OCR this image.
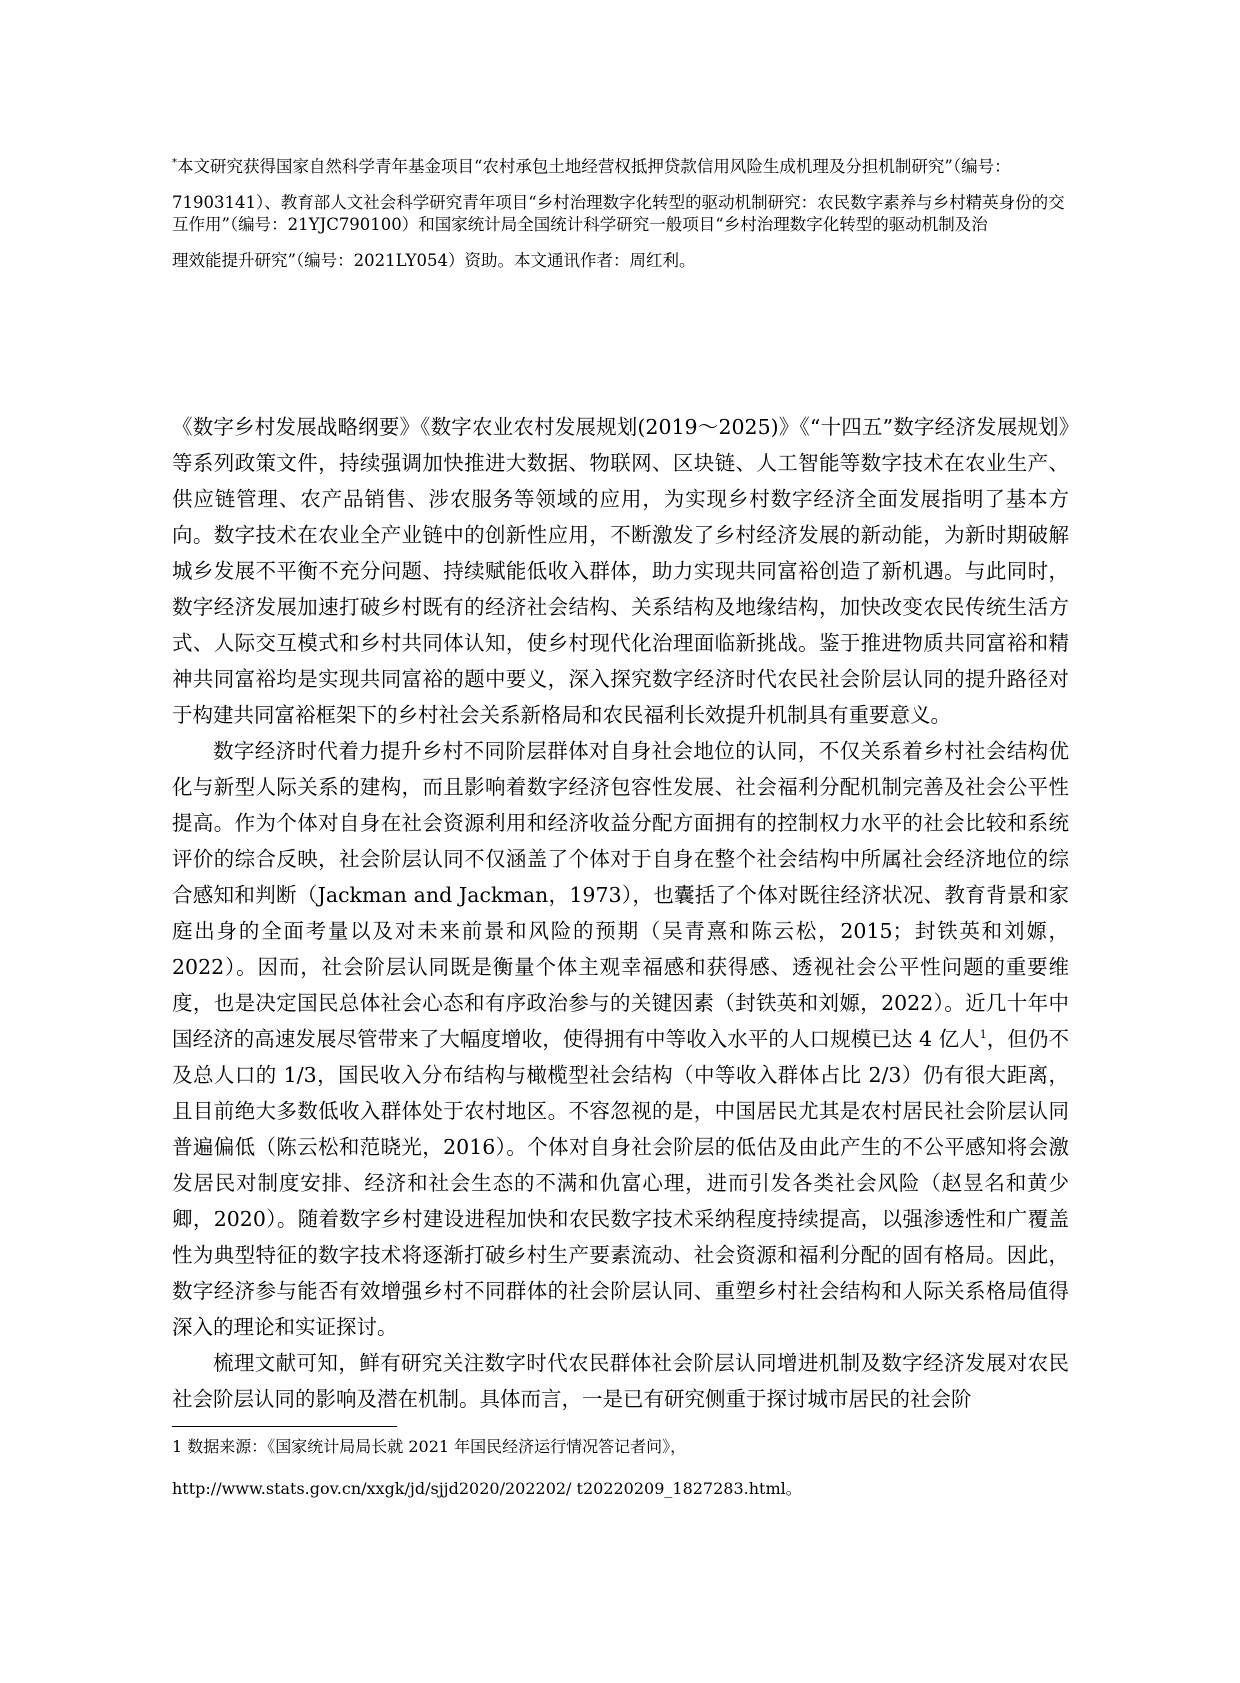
*本文研究获得国家自然科学青年基金项目“农村承包土地经营权抵押贷款信用风险生成机理及分担机制研究”（编号：

71903141）、教育部人文社会科学研究青年项目“乡村治理数字化转型的驱动机制研究：农民数字素养与乡村精英身份的交互作用”（编号：21YJC790100）和国家统计局全国统计科学研究一般项目“乡村治理数字化转型的驱动机制及治

理效能提升研究”（编号：2021LY054）资助。本文通讯作者：周红利。

《数字乡村发展战略纲要》《数字农业农村发展规划(2019～2025)》《“十四五”数字经济发展规划》等系列政策文件，持续强调加快推进大数据、物联网、区块链、人工智能等数字技术在农业生产、供应链管理、农产品销售、涉农服务等领域的应用，为实现乡村数字经济全面发展指明了基本方向。数字技术在农业全产业链中的创新性应用，不断激发了乡村经济发展的新动能，为新时期破解城乡发展不平衡不充分问题、持续赋能低收入群体，助力实现共同富裕创造了新机遇。与此同时，数字经济发展加速打破乡村既有的经济社会结构、关系结构及地缘结构，加快改变农民传统生活方式、人际交互模式和乡村共同体认知，使乡村现代化治理面临新挑战。鉴于推进物质共同富裕和精神共同富裕均是实现共同富裕的题中要义，深入探究数字经济时代农民社会阶层认同的提升路径对于构建共同富裕框架下的乡村社会关系新格局和农民福利长效提升机制具有重要意义。

数字经济时代着力提升乡村不同阶层群体对自身社会地位的认同，不仅关系着乡村社会结构优化与新型人际关系的建构，而且影响着数字经济包容性发展、社会福利分配机制完善及社会公平性提高。作为个体对自身在社会资源利用和经济收益分配方面拥有的控制权力水平的社会比较和系统评价的综合反映，社会阶层认同不仅涵盖了个体对于自身在整个社会结构中所属社会经济地位的综合感知和判断（Jackman and Jackman，1973），也囊括了个体对既往经济状况、教育背景和家庭出身的全面考量以及对未来前景和风险的预期（吴青熹和陈云松，2015；封铁英和刘嫄，2022）。因而，社会阶层认同既是衡量个体主观幸福感和获得感、透视社会公平性问题的重要维度，也是决定国民总体社会心态和有序政治参与的关键因素（封铁英和刘嫄，2022）。近几十年中国经济的高速发展尽管带来了大幅度增收，使得拥有中等收入水平的人口规模已达 4 亿人$^1$，但仍不及总人口的 1/3，国民收入分布结构与橄榄型社会结构（中等收入群体占比 2/3）仍有很大距离，且目前绝大多数低收入群体处于农村地区。不容忽视的是，中国居民尤其是农村居民社会阶层认同普遍偏低（陈云松和范晓光，2016）。个体对自身社会阶层的低估及由此产生的不公平感知将会激发居民对制度安排、经济和社会生态的不满和仇富心理，进而引发各类社会风险（赵昱名和黄少卿，2020）。随着数字乡村建设进程加快和农民数字技术采纳程度持续提高，以强渗透性和广覆盖性为典型特征的数字技术将逐渐打破乡村生产要素流动、社会资源和福利分配的固有格局。因此，数字经济参与能否有效增强乡村不同群体的社会阶层认同、重塑乡村社会结构和人际关系格局值得深入的理论和实证探讨。

梳理文献可知，鲜有研究关注数字时代农民群体社会阶层认同增进机制及数字经济发展对农民社会阶层认同的影响及潜在机制。具体而言，一是已有研究侧重于探讨城市居民的社会阶

1 数据来源：《国家统计局局长就 2021 年国民经济运行情况答记者问》，

http://www.stats.gov.cn/xxgk/jd/sjjd2020/202202/ t20220209_1827283.html。
